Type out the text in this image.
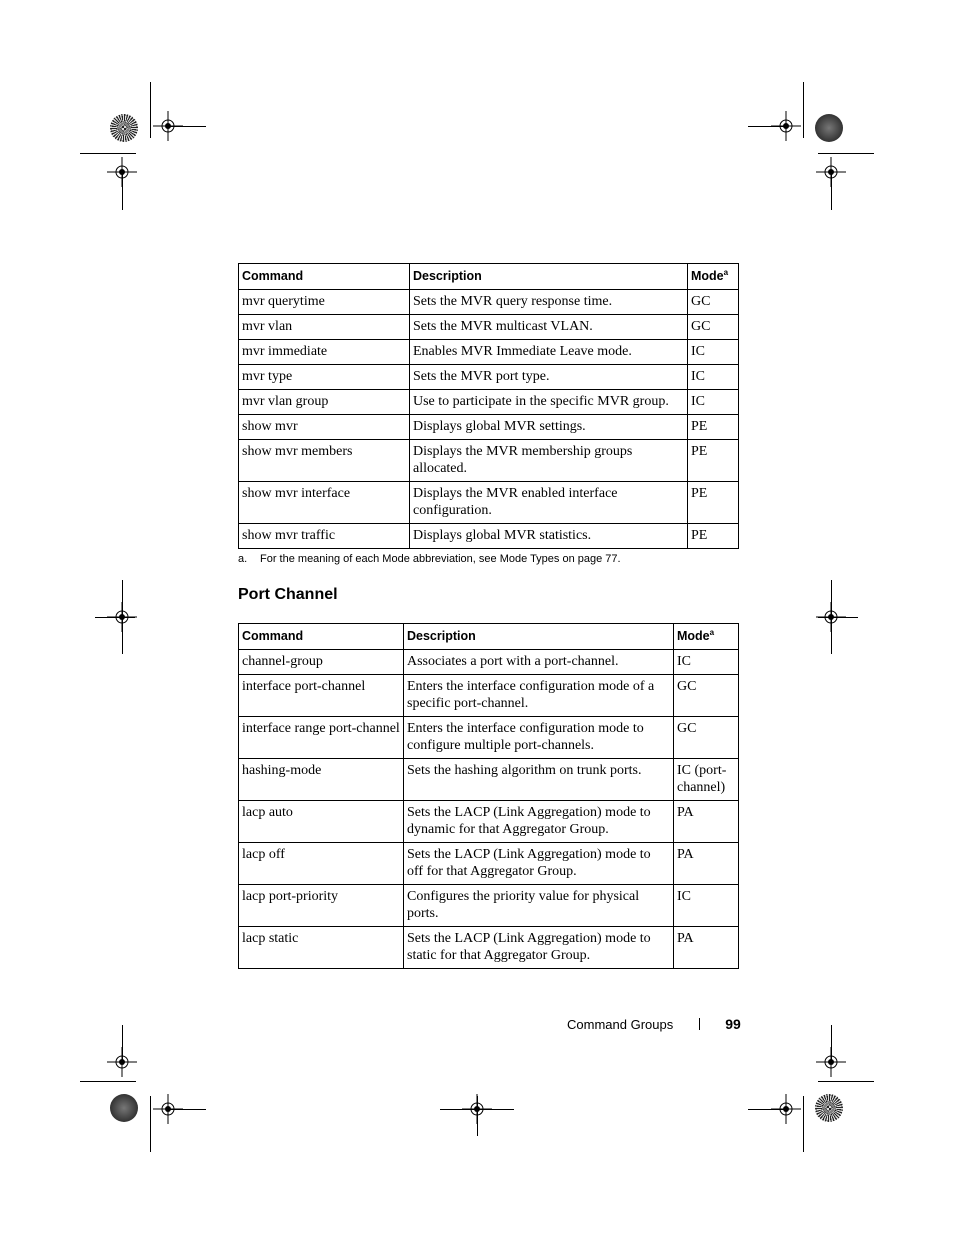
Command	Description	Mode$^a$
mvr querytime	Sets the MVR query response time.	GC
mvr vlan	Sets the MVR multicast VLAN.	GC
mvr immediate	Enables MVR Immediate Leave mode.	IC
mvr type	Sets the MVR port type.	IC
mvr vlan group	Use to participate in the specific MVR group.	IC
show mvr	Displays global MVR settings.	PE
show mvr members	Displays the MVR membership groups allocated.	PE
show mvr interface	Displays the MVR enabled interface configuration.	PE
show mvr traffic	Displays global MVR statistics.	PE
a. For the meaning of each Mode abbreviation, see Mode Types on page 77.
Port Channel
Command	Description	Mode$^a$
channel-group	Associates a port with a port-channel.	IC
interface port-channel	Enters the interface configuration mode of a specific port-channel.	GC
interface range port-channel	Enters the interface configuration mode to configure multiple port-channels.	GC
hashing-mode	Sets the hashing algorithm on trunk ports.	IC (port-channel)
lacp auto	Sets the LACP (Link Aggregation) mode to dynamic for that Aggregator Group.	PA
lacp off	Sets the LACP (Link Aggregation) mode to off for that Aggregator Group.	PA
lacp port-priority	Configures the priority value for physical ports.	IC
lacp static	Sets the LACP (Link Aggregation) mode to static for that Aggregator Group.	PA
Command Groups	99
